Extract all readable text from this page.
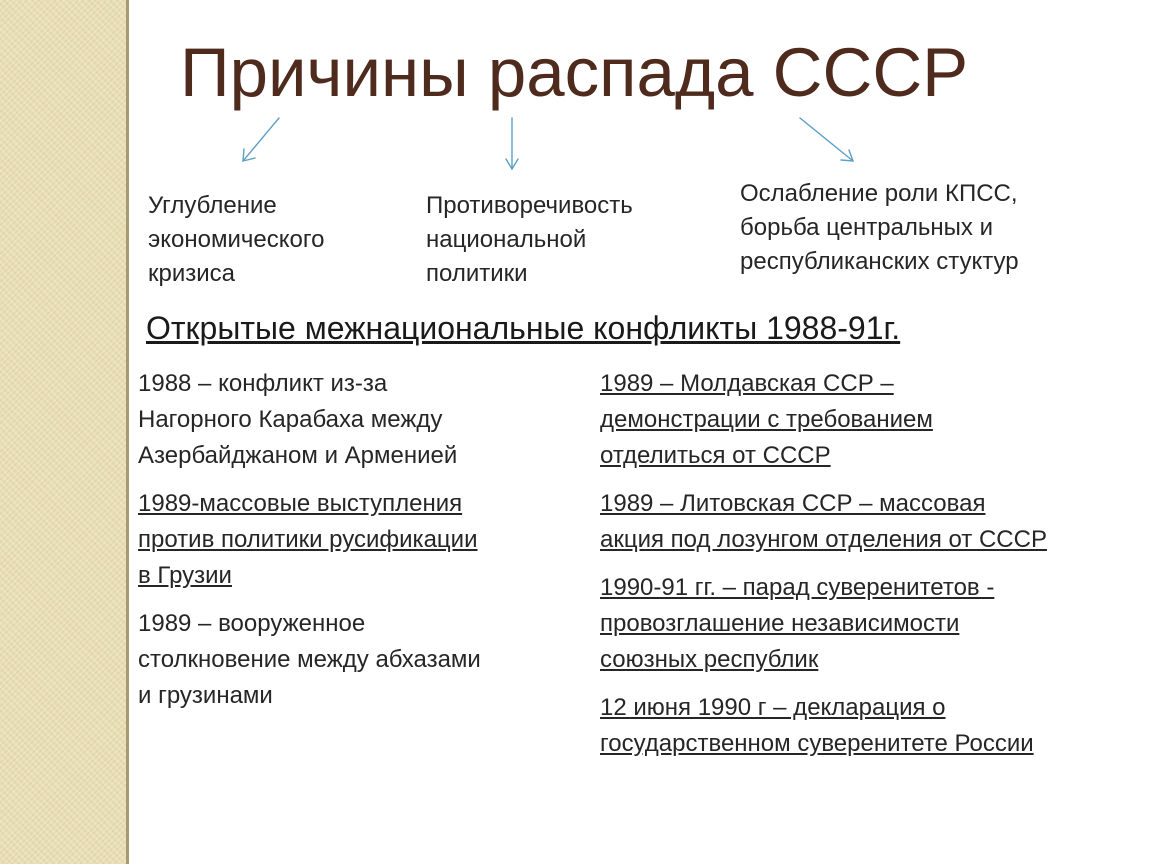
Причины распада СССР
Углубление
экономического
кризиса
Противоречивость
национальной
политики
Ослабление роли КПСС,
борьба центральных и
республиканских стуктур
Открытые межнациональные конфликты 1988-91г.
1988 – конфликт из-за
Нагорного Карабаха между
Азербайджаном и Арменией
1989-массовые выступления
против политики русификации
в Грузии
1989 – вооруженное
столкновение между абхазами
и грузинами
1989 – Молдавская ССР –
демонстрации с требованием
отделиться от СССР
1989 – Литовская ССР – массовая
акция под лозунгом отделения от СССР
1990-91 гг. – парад суверенитетов -
провозглашение независимости
союзных республик
12 июня 1990 г – декларация о
государственном суверенитете России
